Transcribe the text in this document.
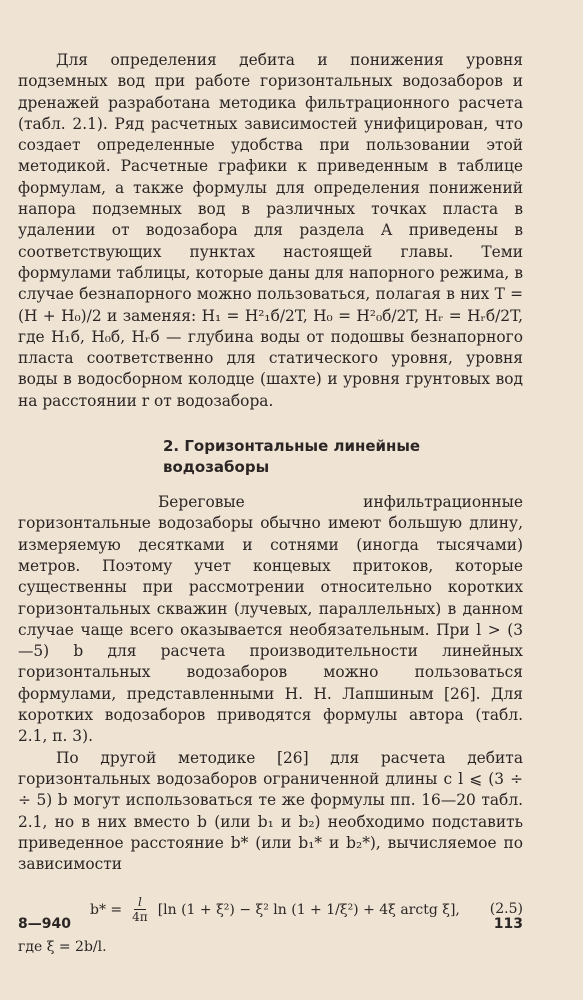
Для определения дебита и понижения уровня подземных вод при работе горизонтальных водозаборов и дренажей разработана методика фильтрационного расчета (табл. 2.1). Ряд расчетных зависимостей унифицирован, что создает определенные удобства при пользовании этой методикой. Расчетные графики к приведенным в таблице формулам, а также формулы для определения понижений напора подземных вод в различных точках пласта в удалении от водозабора для раздела А приведены в соответствующих пунктах настоящей главы. Теми формулами таблицы, которые даны для напорного режима, в случае безнапорного можно пользоваться, полагая в них T = (H + H₀)/2 и заменяя: H₁ = H²₁б/2T, H₀ = H²₀б/2T, Hᵣ = Hᵣб/2T, где H₁б, H₀б, Hᵣб — глубина воды от подошвы безнапорного пласта соответственно для статического уровня, уровня воды в водосборном колодце (шахте) и уровня грунтовых вод на расстоянии r от водозабора.

2. Горизонтальные линейные
водозаборы

Береговые инфильтрационные горизонтальные водозаборы обычно имеют большую длину, измеряемую десятками и сотнями (иногда тысячами) метров. Поэтому учет концевых притоков, которые существенны при рассмотрении относительно коротких горизонтальных скважин (лучевых, параллельных) в данном случае чаще всего оказывается необязательным. При l > (3—5) b для расчета производительности линейных горизонтальных водозаборов можно пользоваться формулами, представленными Н. Н. Лапшиным [26]. Для коротких водозаборов приводятся формулы автора (табл. 2.1, п. 3).

По другой методике [26] для расчета дебита горизонтальных водозаборов ограниченной длины с l ⩽ (3 ÷ ÷ 5) b могут использоваться те же формулы пп. 16—20 табл. 2.1, но в них вместо b (или b₁ и b₂) необходимо подставить приведенное расстояние b* (или b₁* и b₂*), вычисляемое по зависимости

$b* = \frac{l}{4\pi} [\ln$ (1 + ξ²) − ξ² ln (1 + 1/ξ²) + 4ξ arctg ξ], (2.5)

где ξ = 2b/l.

8—940	113
